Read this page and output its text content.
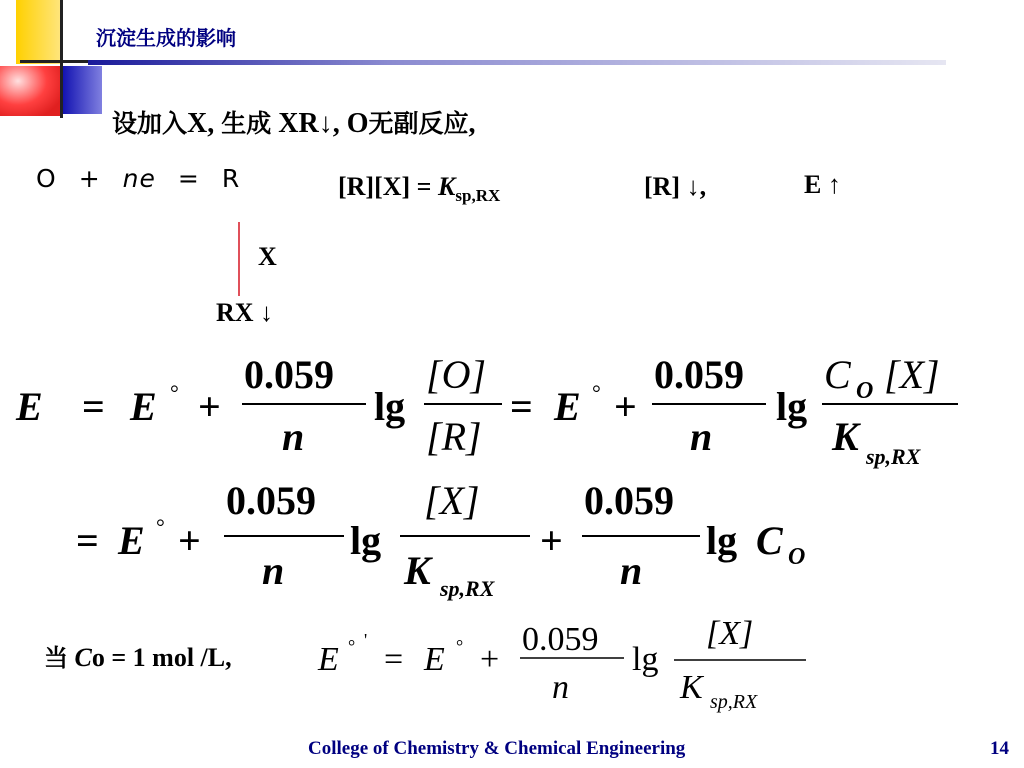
沉淀生成的影响
设加入X, 生成 XR↓, O无副反应,
O + ne = R	$[R][X] = K_{sp,RX}$	[R] ↓,	E ↑
X
RX ↓
E = E ° +
0.059
n
lg
[O]
[R]
= E ° +
0.059
n
lg
C O [X]
K sp,RX
= E ° +
0.059
n
lg
[X]
K sp,RX
+
0.059
n
lg C O
E ° '
= E ° +
0.059
n
lg
[X]
K sp,RX
当 Co = 1 mol /L,
College of Chemistry & Chemical Engineering	14
